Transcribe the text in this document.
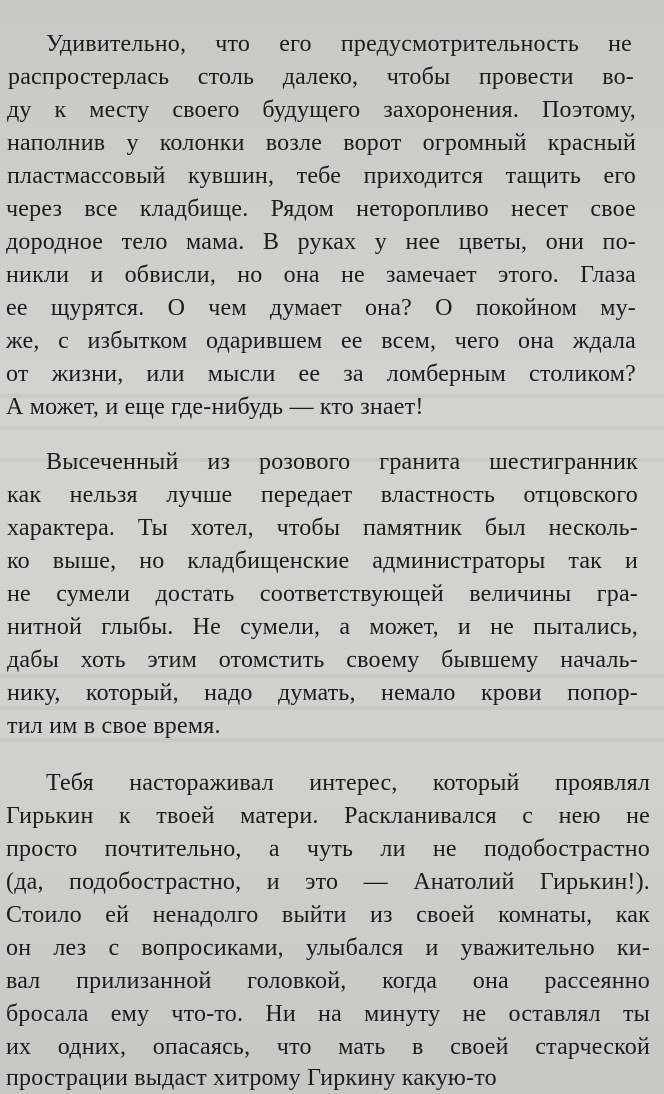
Удивительно, что его предусмотрительность не
распростерлась столь далеко, чтобы провести во-
ду к месту своего будущего захоронения. Поэтому,
наполнив у колонки возле ворот огромный красный
пластмассовый кувшин, тебе приходится тащить его
через все кладбище. Рядом неторопливо несет свое
дородное тело мама. В руках у нее цветы, они по-
никли и обвисли, но она не замечает этого. Глаза
ее щурятся. О чем думает она? О покойном му-
же, с избытком одарившем ее всем, чего она ждала
от жизни, или мысли ее за ломберным столиком?
А может, и еще где-нибудь — кто знает!
Высеченный из розового гранита шестигранник
как нельзя лучше передает властность отцовского
характера. Ты хотел, чтобы памятник был несколь-
ко выше, но кладбищенские администраторы так и
не сумели достать соответствующей величины гра-
нитной глыбы. Не сумели, а может, и не пытались,
дабы хоть этим отомстить своему бывшему началь-
нику, который, надо думать, немало крови попор-
тил им в свое время.
Тебя настораживал интерес, который проявлял
Гирькин к твоей матери. Раскланивался с нею не
просто почтительно, а чуть ли не подобострастно
(да, подобострастно, и это — Анатолий Гирькин!).
Стоило ей ненадолго выйти из своей комнаты, как
он лез с вопросиками, улыбался и уважительно ки-
вал прилизанной головкой, когда она рассеянно
бросала ему что-то. Ни на минуту не оставлял ты
их одних, опасаясь, что мать в своей старческой
прострации выдаст хитрому Гиркину какую-то
